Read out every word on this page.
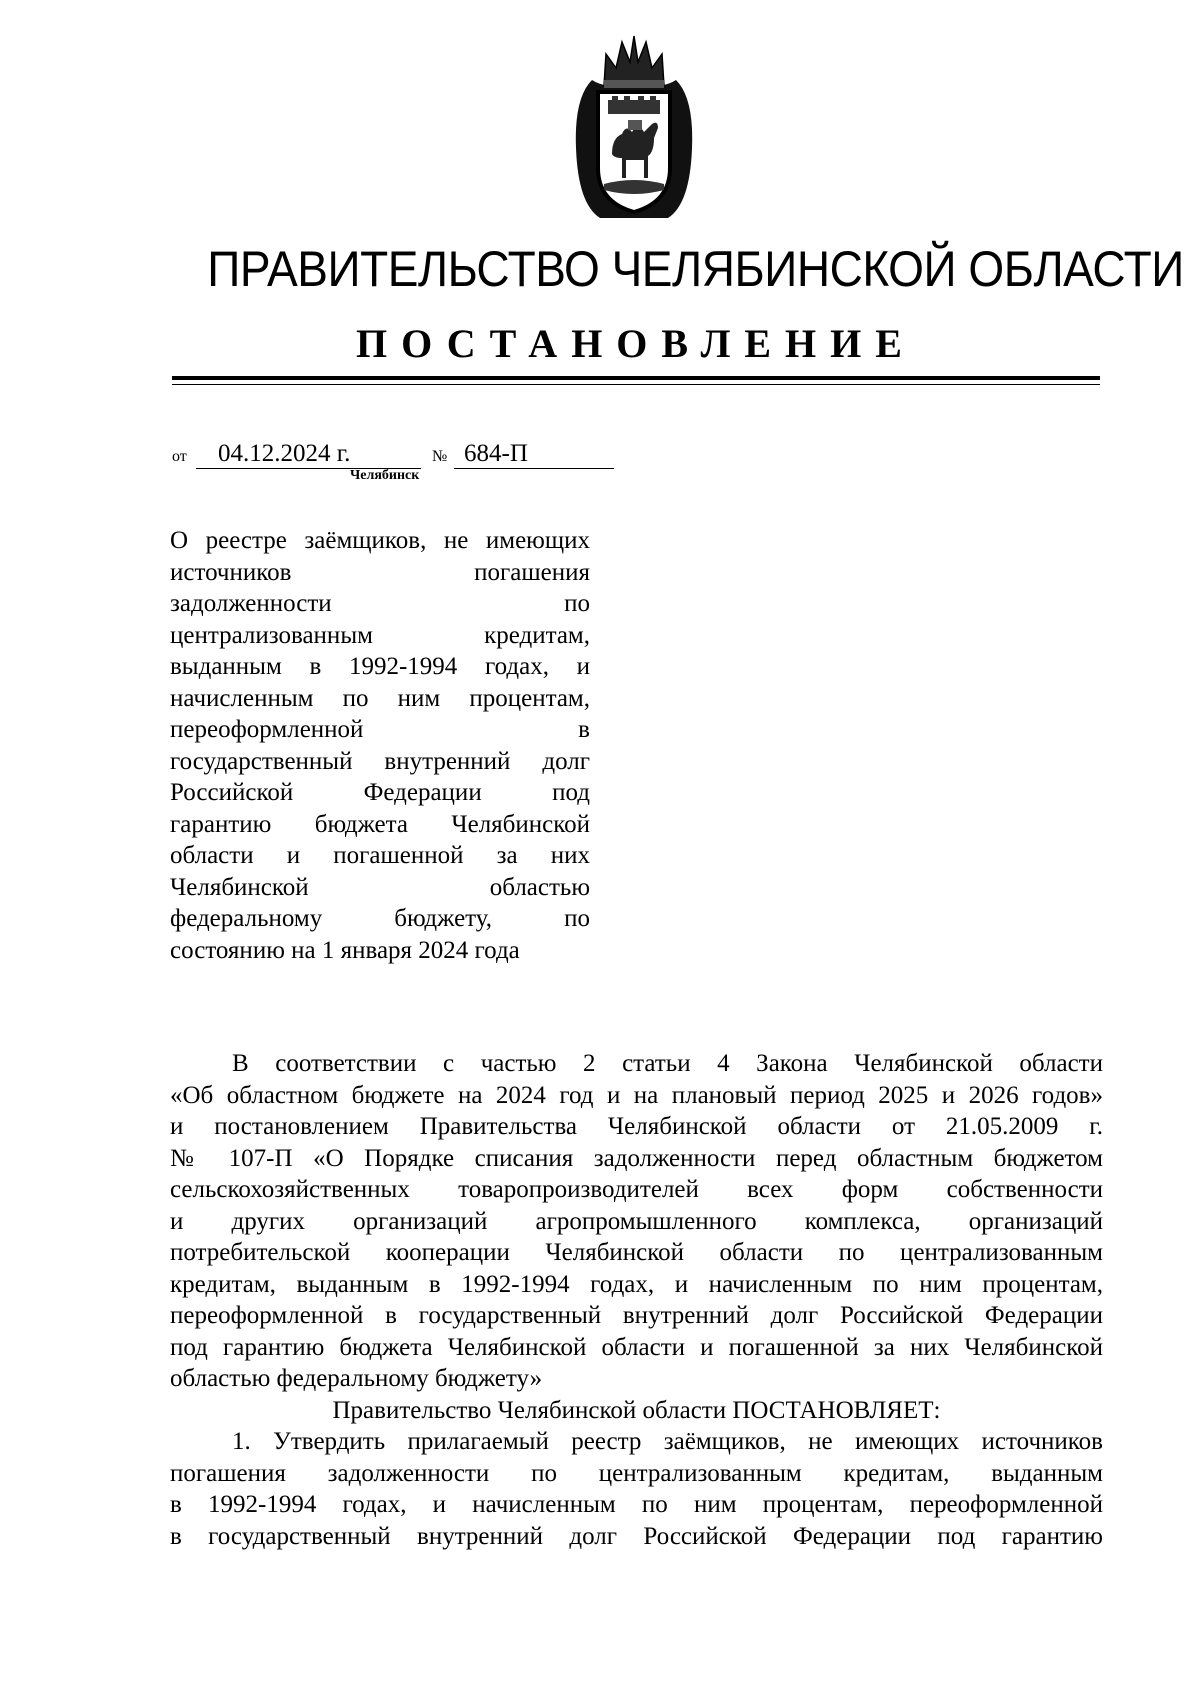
ПРАВИТЕЛЬСТВО ЧЕЛЯБИНСКОЙ ОБЛАСТИ
ПОСТАНОВЛЕНИЕ
от 04.12.2024 г.	№ 684-П
Челябинск
О реестре заёмщиков, не имеющих
источников погашения
задолженности по
централизованным кредитам,
выданным в 1992-1994 годах, и
начисленным по ним процентам,
переоформленной в
государственный внутренний долг
Российской Федерации под
гарантию бюджета Челябинской
области и погашенной за них
Челябинской областью
федеральному бюджету, по
состоянию на 1 января 2024 года
В соответствии с частью 2 статьи 4 Закона Челябинской области
«Об областном бюджете на 2024 год и на плановый период 2025 и 2026 годов»
и постановлением Правительства Челябинской области от 21.05.2009 г.
№ 107-П «О Порядке списания задолженности перед областным бюджетом
сельскохозяйственных товаропроизводителей всех форм собственности
и других организаций агропромышленного комплекса, организаций
потребительской кооперации Челябинской области по централизованным
кредитам, выданным в 1992-1994 годах, и начисленным по ним процентам,
переоформленной в государственный внутренний долг Российской Федерации
под гарантию бюджета Челябинской области и погашенной за них Челябинской
областью федеральному бюджету»
Правительство Челябинской области ПОСТАНОВЛЯЕТ:
1. Утвердить прилагаемый реестр заёмщиков, не имеющих источников
погашения задолженности по централизованным кредитам, выданным
в 1992-1994 годах, и начисленным по ним процентам, переоформленной
в государственный внутренний долг Российской Федерации под гарантию
